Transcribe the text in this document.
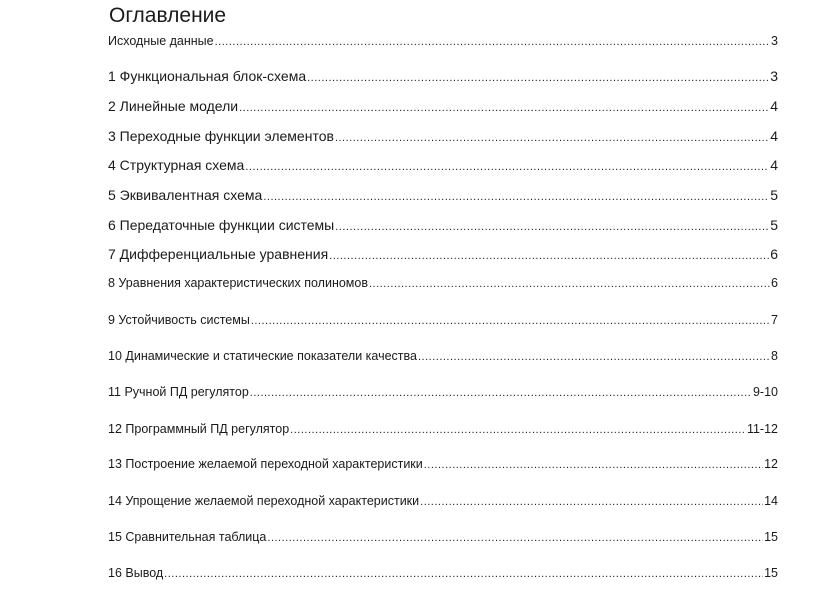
Оглавление
Исходные данные .....	3
1 Функциональная блок-схема .....	3
2 Линейные модели .....	4
3 Переходные функции элементов .....	4
4 Структурная схема .....	4
5 Эквивалентная схема .....	5
6 Передаточные функции системы .....	5
7 Дифференциальные уравнения .....	6
8 Уравнения характеристических полиномов .....	6
9 Устойчивость системы .....	7
10 Динамические и статические показатели качества .....	8
11 Ручной ПД регулятор .....	9-10
12 Программный ПД регулятор .....	11-12
13 Построение желаемой переходной характеристики .....	12
14 Упрощение желаемой переходной характеристики .....	14
15 Сравнительная таблица .....	15
16 Вывод .....	15
